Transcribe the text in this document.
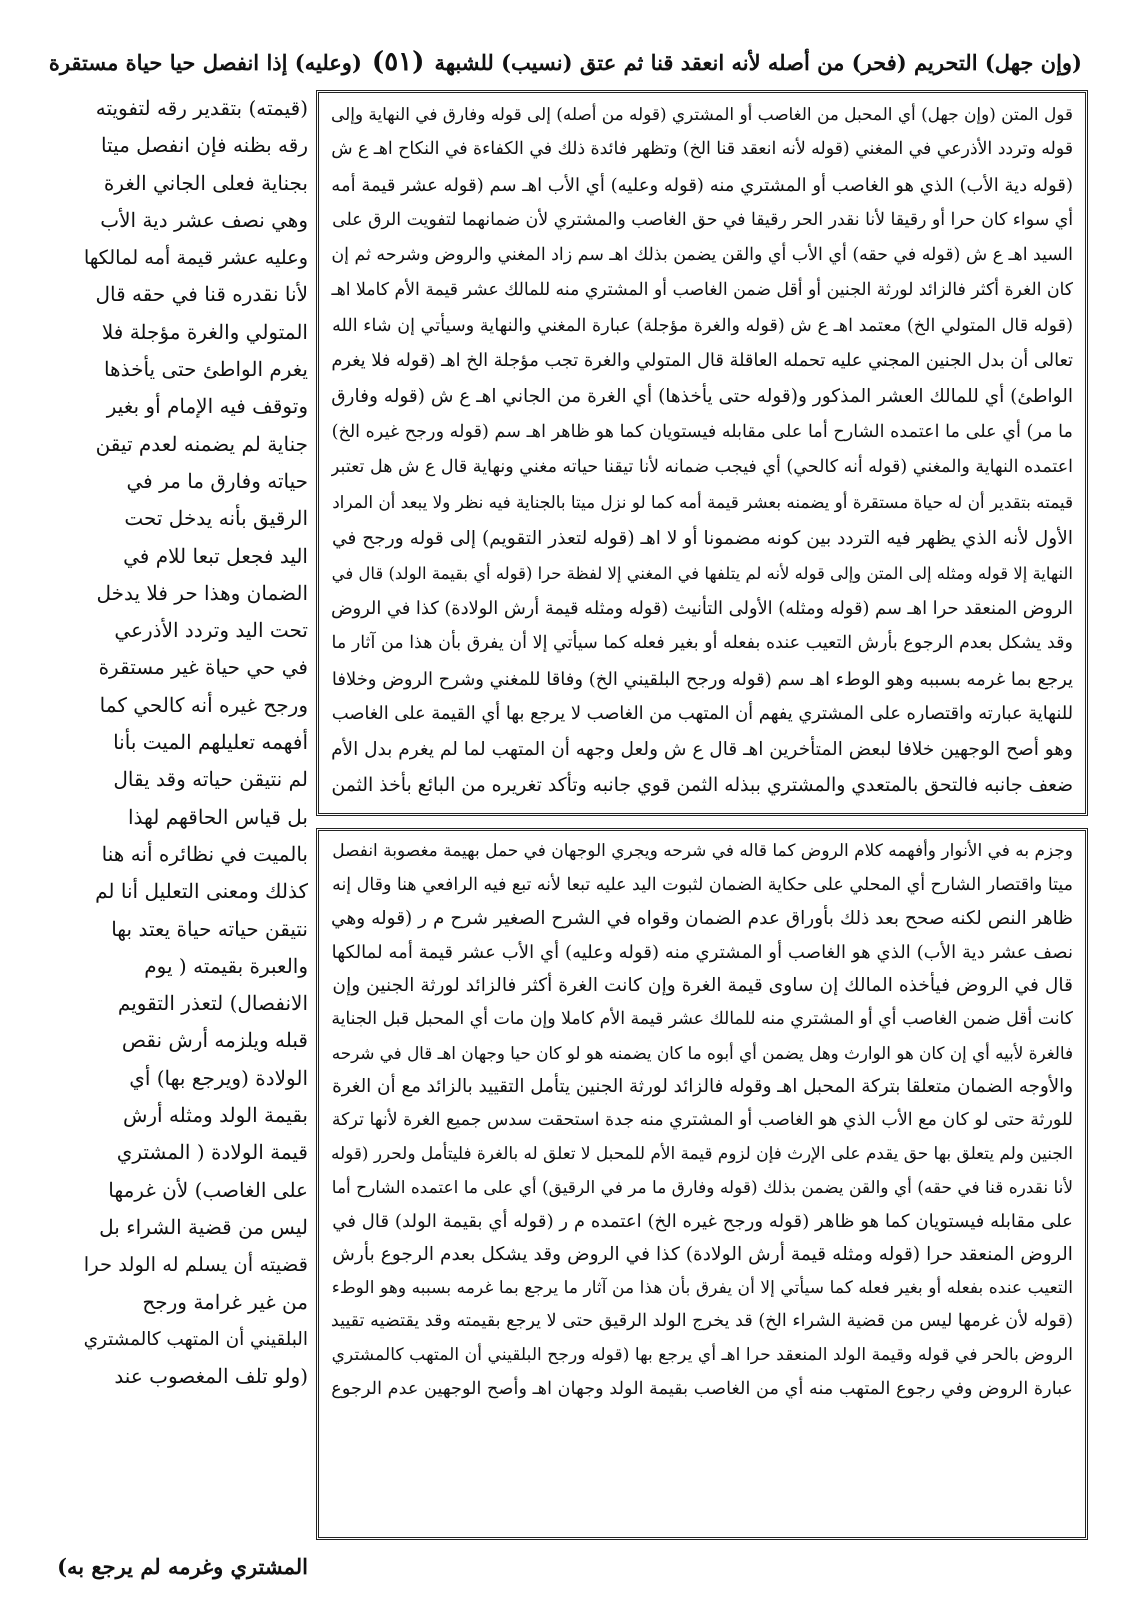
(وإن جهل) التحريم (فحر) من أصله لأنه انعقد قنا ثم عتق (نسيب) للشبهة
(٥١)
(وعليه) إذا انفصل حيا حياة مستقرة
قول المتن (وإن جهل) أي المحبل من الغاصب أو المشتري (قوله من أصله) إلى قوله وفارق في النهاية وإلى
قوله وتردد الأذرعي في المغني (قوله لأنه انعقد قنا الخ) وتظهر فائدة ذلك في الكفاءة في النكاح اهـ ع ش
(قوله دية الأب) الذي هو الغاصب أو المشتري منه (قوله وعليه) أي الأب اهـ سم (قوله عشر قيمة أمه
أي سواء كان حرا أو رقيقا لأنا نقدر الحر رقيقا في حق الغاصب والمشتري لأن ضمانهما لتفويت الرق على
السيد اهـ ع ش (قوله في حقه) أي الأب أي والقن يضمن بذلك اهـ سم زاد المغني والروض وشرحه ثم إن
كان الغرة أكثر فالزائد لورثة الجنين أو أقل ضمن الغاصب أو المشتري منه للمالك عشر قيمة الأم كاملا اهـ
(قوله قال المتولي الخ) معتمد اهـ ع ش (قوله والغرة مؤجلة) عبارة المغني والنهاية وسيأتي إن شاء الله
تعالى أن بدل الجنين المجني عليه تحمله العاقلة قال المتولي والغرة تجب مؤجلة الخ اهـ (قوله فلا يغرم
الواطئ) أي للمالك العشر المذكور و(قوله حتى يأخذها) أي الغرة من الجاني اهـ ع ش (قوله وفارق
ما مر) أي على ما اعتمده الشارح أما على مقابله فيستويان كما هو ظاهر اهـ سم (قوله ورجح غيره الخ)
اعتمده النهاية والمغني (قوله أنه كالحي) أي فيجب ضمانه لأنا تيقنا حياته مغني ونهاية قال ع ش هل تعتبر
قيمته بتقدير أن له حياة مستقرة أو يضمنه بعشر قيمة أمه كما لو نزل ميتا بالجناية فيه نظر ولا يبعد أن المراد
الأول لأنه الذي يظهر فيه التردد بين كونه مضمونا أو لا اهـ (قوله لتعذر التقويم) إلى قوله ورجح في
النهاية إلا قوله ومثله إلى المتن وإلى قوله لأنه لم يتلفها في المغني إلا لفظة حرا (قوله أي بقيمة الولد) قال في
الروض المنعقد حرا اهـ سم (قوله ومثله) الأولى التأنيث (قوله ومثله قيمة أرش الولادة) كذا في الروض
وقد يشكل بعدم الرجوع بأرش التعيب عنده بفعله أو بغير فعله كما سيأتي إلا أن يفرق بأن هذا من آثار ما
يرجع بما غرمه بسببه وهو الوطء اهـ سم (قوله ورجح البلقيني الخ) وفاقا للمغني وشرح الروض وخلافا
للنهاية عبارته واقتصاره على المشتري يفهم أن المتهب من الغاصب لا يرجع بها أي القيمة على الغاصب
وهو أصح الوجهين خلافا لبعض المتأخرين اهـ قال ع ش ولعل وجهه أن المتهب لما لم يغرم بدل الأم
ضعف جانبه فالتحق بالمتعدي والمشتري ببذله الثمن قوي جانبه وتأكد تغريره من البائع بأخذ الثمن
وجزم به في الأنوار وأفهمه كلام الروض كما قاله في شرحه ويجري الوجهان في حمل بهيمة مغصوبة انفصل
ميتا واقتصار الشارح أي المحلي على حكاية الضمان لثبوت اليد عليه تبعا لأنه تبع فيه الرافعي هنا وقال إنه
ظاهر النص لكنه صحح بعد ذلك بأوراق عدم الضمان وقواه في الشرح الصغير شرح م ر (قوله وهي
نصف عشر دية الأب) الذي هو الغاصب أو المشتري منه (قوله وعليه) أي الأب عشر قيمة أمه لمالكها
قال في الروض فيأخذه المالك إن ساوى قيمة الغرة وإن كانت الغرة أكثر فالزائد لورثة الجنين وإن
كانت أقل ضمن الغاصب أي أو المشتري منه للمالك عشر قيمة الأم كاملا وإن مات أي المحبل قبل الجناية
فالغرة لأبيه أي إن كان هو الوارث وهل يضمن أي أبوه ما كان يضمنه هو لو كان حيا وجهان اهـ قال في شرحه
والأوجه الضمان متعلقا بتركة المحبل اهـ وقوله فالزائد لورثة الجنين يتأمل التقييد بالزائد مع أن الغرة
للورثة حتى لو كان مع الأب الذي هو الغاصب أو المشتري منه جدة استحقت سدس جميع الغرة لأنها تركة
الجنين ولم يتعلق بها حق يقدم على الإرث فإن لزوم قيمة الأم للمحبل لا تعلق له بالغرة فليتأمل ولحرر (قوله
لأنا نقدره قنا في حقه) أي والقن يضمن بذلك (قوله وفارق ما مر في الرقيق) أي على ما اعتمده الشارح أما
على مقابله فيستويان كما هو ظاهر (قوله ورجح غيره الخ) اعتمده م ر (قوله أي بقيمة الولد) قال في
الروض المنعقد حرا (قوله ومثله قيمة أرش الولادة) كذا في الروض وقد يشكل بعدم الرجوع بأرش
التعيب عنده بفعله أو بغير فعله كما سيأتي إلا أن يفرق بأن هذا من آثار ما يرجع بما غرمه بسببه وهو الوطء
(قوله لأن غرمها ليس من قضية الشراء الخ) قد يخرج الولد الرقيق حتى لا يرجع بقيمته وقد يقتضيه تقييد
الروض بالحر في قوله وقيمة الولد المنعقد حرا اهـ أي يرجع بها (قوله ورجح البلقيني أن المتهب كالمشتري
عبارة الروض وفي رجوع المتهب منه أي من الغاصب بقيمة الولد وجهان اهـ وأصح الوجهين عدم الرجوع
(قيمته) بتقدير رقه لتفويته
رقه بظنه فإن انفصل ميتا
بجناية فعلى الجاني الغرة
وهي نصف عشر دية الأب
وعليه عشر قيمة أمه لمالكها
لأنا نقدره قنا في حقه قال
المتولي والغرة مؤجلة فلا
يغرم الواطئ حتى يأخذها
وتوقف فيه الإمام أو بغير
جناية لم يضمنه لعدم تيقن
حياته وفارق ما مر في
الرقيق بأنه يدخل تحت
اليد فجعل تبعا للام في
الضمان وهذا حر فلا يدخل
تحت اليد وتردد الأذرعي
في حي حياة غير مستقرة
ورجح غيره أنه كالحي كما
أفهمه تعليلهم الميت بأنا
لم نتيقن حياته وقد يقال
بل قياس الحاقهم لهذا
بالميت في نظائره أنه هنا
كذلك ومعنى التعليل أنا لم
نتيقن حياته حياة يعتد بها
والعبرة بقيمته ( يوم
الانفصال) لتعذر التقويم
قبله ويلزمه أرش نقص
الولادة (ويرجع بها) أي
بقيمة الولد ومثله أرش
قيمة الولادة ( المشتري
على الغاصب) لأن غرمها
ليس من قضية الشراء بل
قضيته أن يسلم له الولد حرا
من غير غرامة ورجح
البلقيني أن المتهب كالمشتري
(ولو تلف المغصوب عند
المشتري وغرمه لم يرجع به)
